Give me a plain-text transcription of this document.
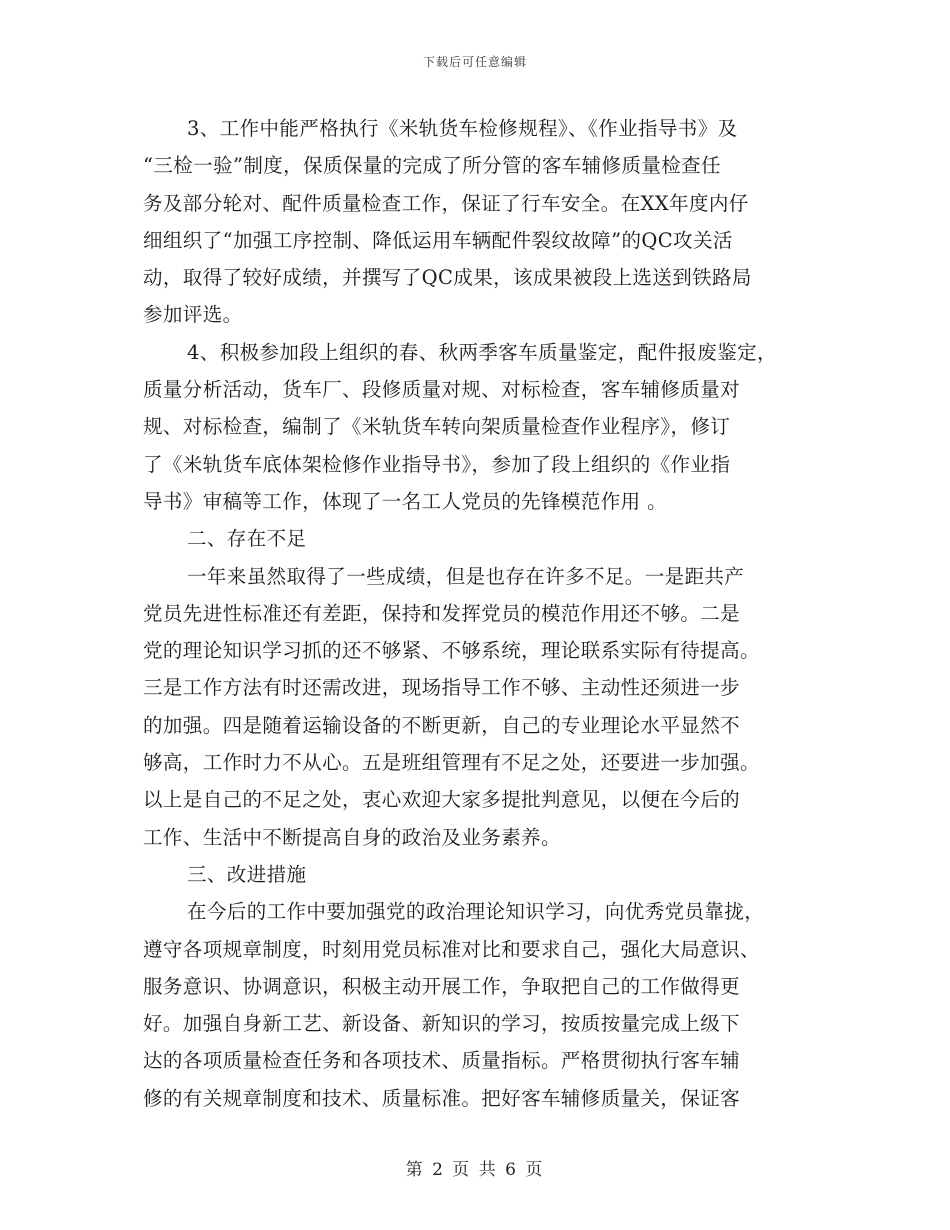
下载后可任意编辑
3、工作中能严格执行《米轨货车检修规程》、《作业指导书》及
“三检一验”制度，保质保量的完成了所分管的客车辅修质量检查任
务及部分轮对、配件质量检查工作，保证了行车安全。在XX年度内仔
细组织了“加强工序控制、降低运用车辆配件裂纹故障”的QC攻关活
动，取得了较好成绩，并撰写了QC成果，该成果被段上选送到铁路局
参加评选。
4、积极参加段上组织的春、秋两季客车质量鉴定，配件报废鉴定，
质量分析活动，货车厂、段修质量对规、对标检查，客车辅修质量对
规、对标检查，编制了《米轨货车转向架质量检查作业程序》，修订
了《米轨货车底体架检修作业指导书》，参加了段上组织的《作业指
导书》审稿等工作，体现了一名工人党员的先锋模范作用 。
二、存在不足
一年来虽然取得了一些成绩，但是也存在许多不足。一是距共产
党员先进性标准还有差距，保持和发挥党员的模范作用还不够。二是
党的理论知识学习抓的还不够紧、不够系统，理论联系实际有待提高。
三是工作方法有时还需改进，现场指导工作不够、主动性还须进一步
的加强。四是随着运输设备的不断更新，自己的专业理论水平显然不
够高，工作时力不从心。五是班组管理有不足之处，还要进一步加强。
以上是自己的不足之处，衷心欢迎大家多提批判意见，以便在今后的
工作、生活中不断提高自身的政治及业务素养。
三、改进措施
在今后的工作中要加强党的政治理论知识学习，向优秀党员靠拢，
遵守各项规章制度，时刻用党员标准对比和要求自己，强化大局意识、
服务意识、协调意识，积极主动开展工作，争取把自己的工作做得更
好。加强自身新工艺、新设备、新知识的学习，按质按量完成上级下
达的各项质量检查任务和各项技术、质量指标。严格贯彻执行客车辅
修的有关规章制度和技术、质量标准。把好客车辅修质量关，保证客
第 2 页 共 6 页
